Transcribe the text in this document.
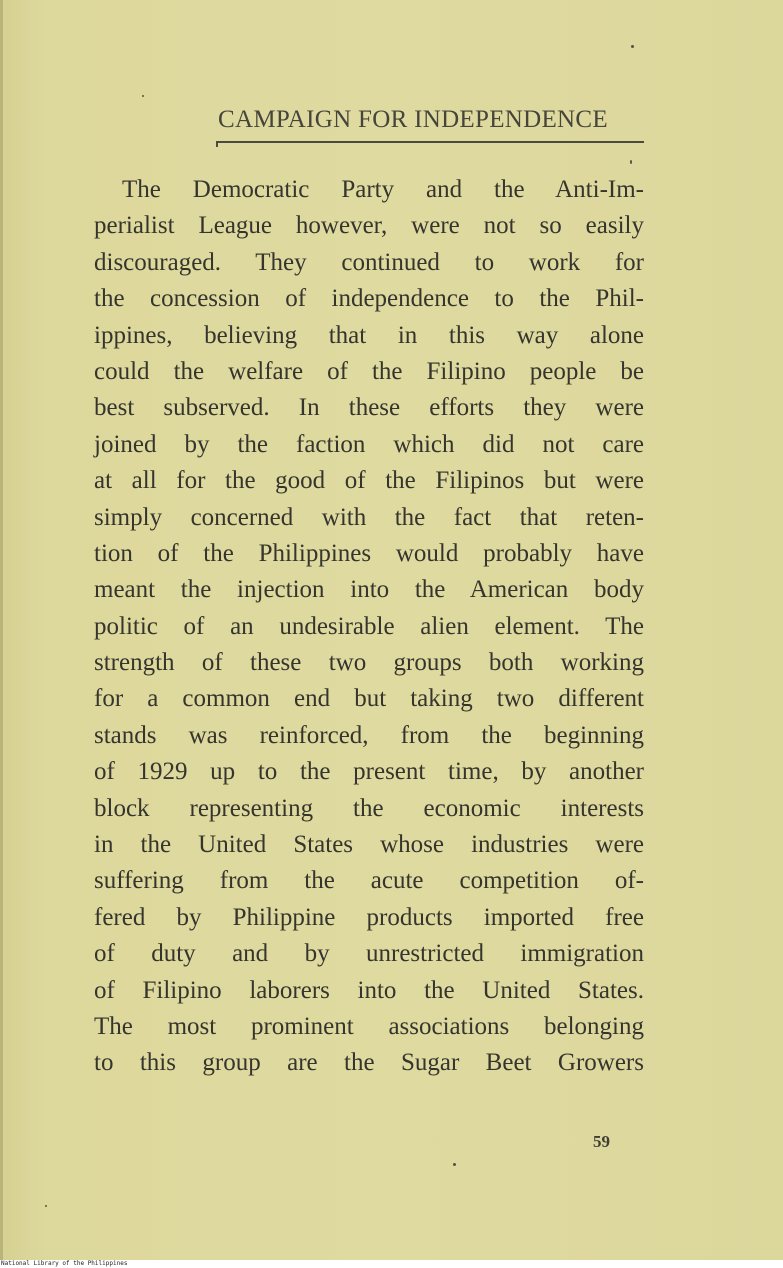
CAMPAIGN FOR INDEPENDENCE
The Democratic Party and the Anti-Im-
perialist League however, were not so easily
discouraged. They continued to work for
the concession of independence to the Phil-
ippines, believing that in this way alone
could the welfare of the Filipino people be
best subserved. In these efforts they were
joined by the faction which did not care
at all for the good of the Filipinos but were
simply concerned with the fact that reten-
tion of the Philippines would probably have
meant the injection into the American body
politic of an undesirable alien element. The
strength of these two groups both working
for a common end but taking two different
stands was reinforced, from the beginning
of 1929 up to the present time, by another
block representing the economic interests
in the United States whose industries were
suffering from the acute competition of-
fered by Philippine products imported free
of duty and by unrestricted immigration
of Filipino laborers into the United States.
The most prominent associations belonging
to this group are the Sugar Beet Growers
59
National Library of the Philippines
